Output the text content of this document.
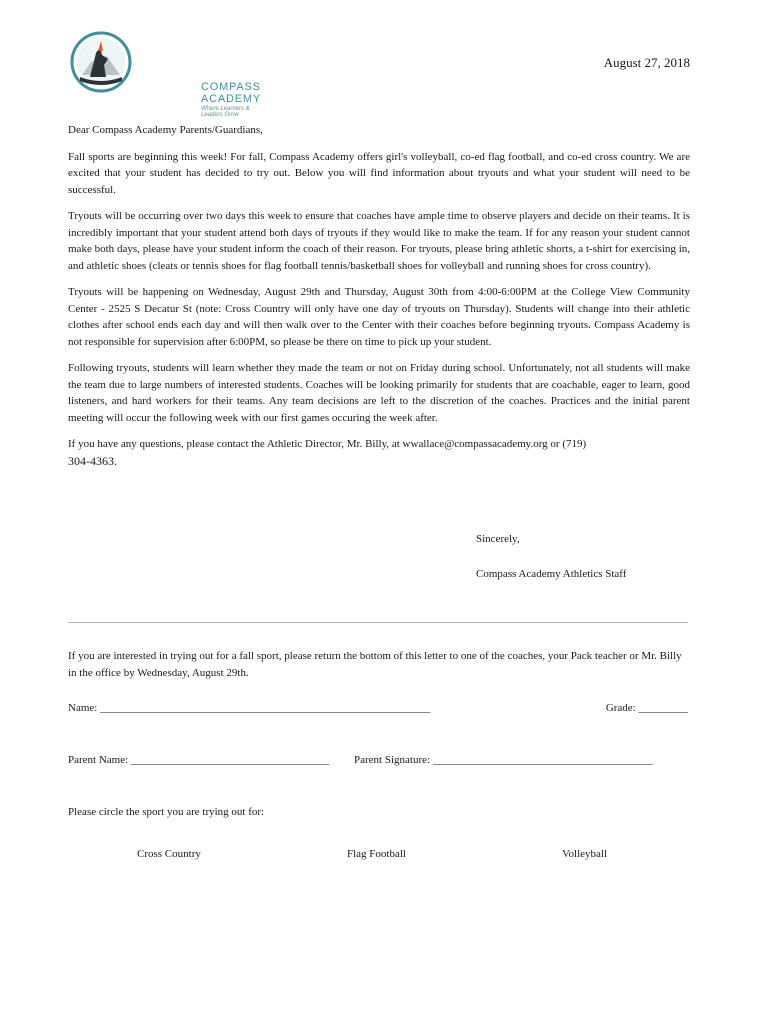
COMPASS ACADEMY
Where Learners & Leaders Grow
August 27, 2018

Dear Compass Academy Parents/Guardians,

Fall sports are beginning this week! For fall, Compass Academy offers girl's volleyball, co-ed flag football, and co-ed cross country. We are excited that your student has decided to try out. Below you will find information about tryouts and what your student will need to be successful.

Tryouts will be occurring over two days this week to ensure that coaches have ample time to observe players and decide on their teams. It is incredibly important that your student attend both days of tryouts if they would like to make the team. If for any reason your student cannot make both days, please have your student inform the coach of their reason. For tryouts, please bring athletic shorts, a t-shirt for exercising in, and athletic shoes (cleats or tennis shoes for flag football tennis/basketball shoes for volleyball and running shoes for cross country).

Tryouts will be happening on Wednesday, August 29th and Thursday, August 30th from 4:00-6:00PM at the College View Community Center - 2525 S Decatur St (note: Cross Country will only have one day of tryouts on Thursday). Students will change into their athletic clothes after school ends each day and will then walk over to the Center with their coaches before beginning tryouts. Compass Academy is not responsible for supervision after 6:00PM, so please be there on time to pick up your student.

Following tryouts, students will learn whether they made the team or not on Friday during school. Unfortunately, not all students will make the team due to large numbers of interested students. Coaches will be looking primarily for students that are coachable, eager to learn, good listeners, and hard workers for their teams. Any team decisions are left to the discretion of the coaches. Practices and the initial parent meeting will occur the following week with our first games occuring the week after.

If you have any questions, please contact the Athletic Director, Mr. Billy, at wwallace@compassacademy.org or (719)
304-4363.

Sincerely,
Compass Academy Athletics Staff
If you are interested in trying out for a fall sport, please return the bottom of this letter to one of the coaches, your Pack teacher or Mr. Billy in the office by Wednesday, August 29th.
Name: ____________________________________________________________	Grade: _________
Parent Name: ____________________________________ Parent Signature: ________________________________________
Please circle the sport you are trying out for:
Cross Country	Flag Football	Volleyball
